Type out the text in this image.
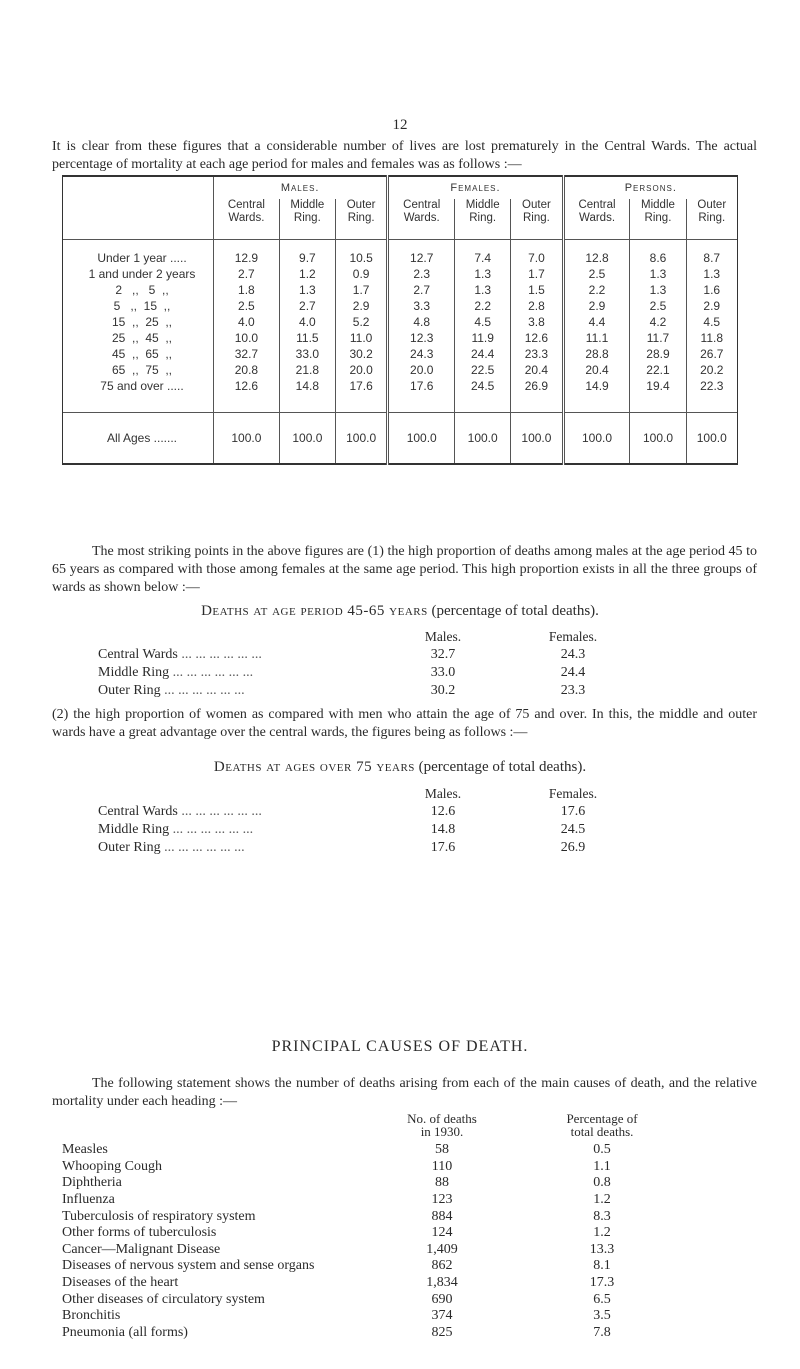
12

It is clear from these figures that a considerable number of lives are lost prematurely in the Central Wards. The actual percentage of mortality at each age period for males and females was as follows :—

	Males.			Females.			Persons.		
	Central Wards.	Middle Ring.	Outer Ring.	Central Wards.	Middle Ring.	Outer Ring.	Central Wards.	Middle Ring.	Outer Ring.
Under 1 year .....	12.9	9.7	10.5	12.7	7.4	7.0	12.8	8.6	8.7
1 and under 2 years	2.7	1.2	0.9	2.3	1.3	1.7	2.5	1.3	1.3
2   ,,   5  ,,	1.8	1.3	1.7	2.7	1.3	1.5	2.2	1.3	1.6
5   ,,  15  ,,	2.5	2.7	2.9	3.3	2.2	2.8	2.9	2.5	2.9
15  ,,  25  ,,	4.0	4.0	5.2	4.8	4.5	3.8	4.4	4.2	4.5
25  ,,  45  ,,	10.0	11.5	11.0	12.3	11.9	12.6	11.1	11.7	11.8
45  ,,  65  ,,	32.7	33.0	30.2	24.3	24.4	23.3	28.8	28.9	26.7
65  ,,  75  ,,	20.8	21.8	20.0	20.0	22.5	20.4	20.4	22.1	20.2
75 and over .....	12.6	14.8	17.6	17.6	24.5	26.9	14.9	19.4	22.3
All Ages .......	100.0	100.0	100.0	100.0	100.0	100.0	100.0	100.0	100.0

The most striking points in the above figures are (1) the high proportion of deaths among males at the age period 45 to 65 years as compared with those among females at the same age period. This high proportion exists in all the three groups of wards as shown below :—

Deaths at age period 45-65 years (percentage of total deaths).
	Males.	Females.
Central Wards ... ... ... ... ... ...	32.7	24.3
Middle Ring ... ... ... ... ... ...	33.0	24.4
Outer Ring ... ... ... ... ... ...	30.2	23.3

(2) the high proportion of women as compared with men who attain the age of 75 and over. In this, the middle and outer wards have a great advantage over the central wards, the figures being as follows :—

Deaths at ages over 75 years (percentage of total deaths).
	Males.	Females.
Central Wards ... ... ... ... ... ...	12.6	17.6
Middle Ring ... ... ... ... ... ...	14.8	24.5
Outer Ring ... ... ... ... ... ...	17.6	26.9
PRINCIPAL CAUSES OF DEATH.

The following statement shows the number of deaths arising from each of the main causes of death, and the relative mortality under each heading :—

	No. of deaths
in 1930.	Percentage of
total deaths.
Measles	58	0.5
Whooping Cough	110	1.1
Diphtheria	88	0.8
Influenza	123	1.2
Tuberculosis of respiratory system	884	8.3
Other forms of tuberculosis	124	1.2
Cancer—Malignant Disease	1,409	13.3
Diseases of nervous system and sense organs	862	8.1
Diseases of the heart	1,834	17.3
Other diseases of circulatory system	690	6.5
Bronchitis	374	3.5
Pneumonia (all forms)	825	7.8
